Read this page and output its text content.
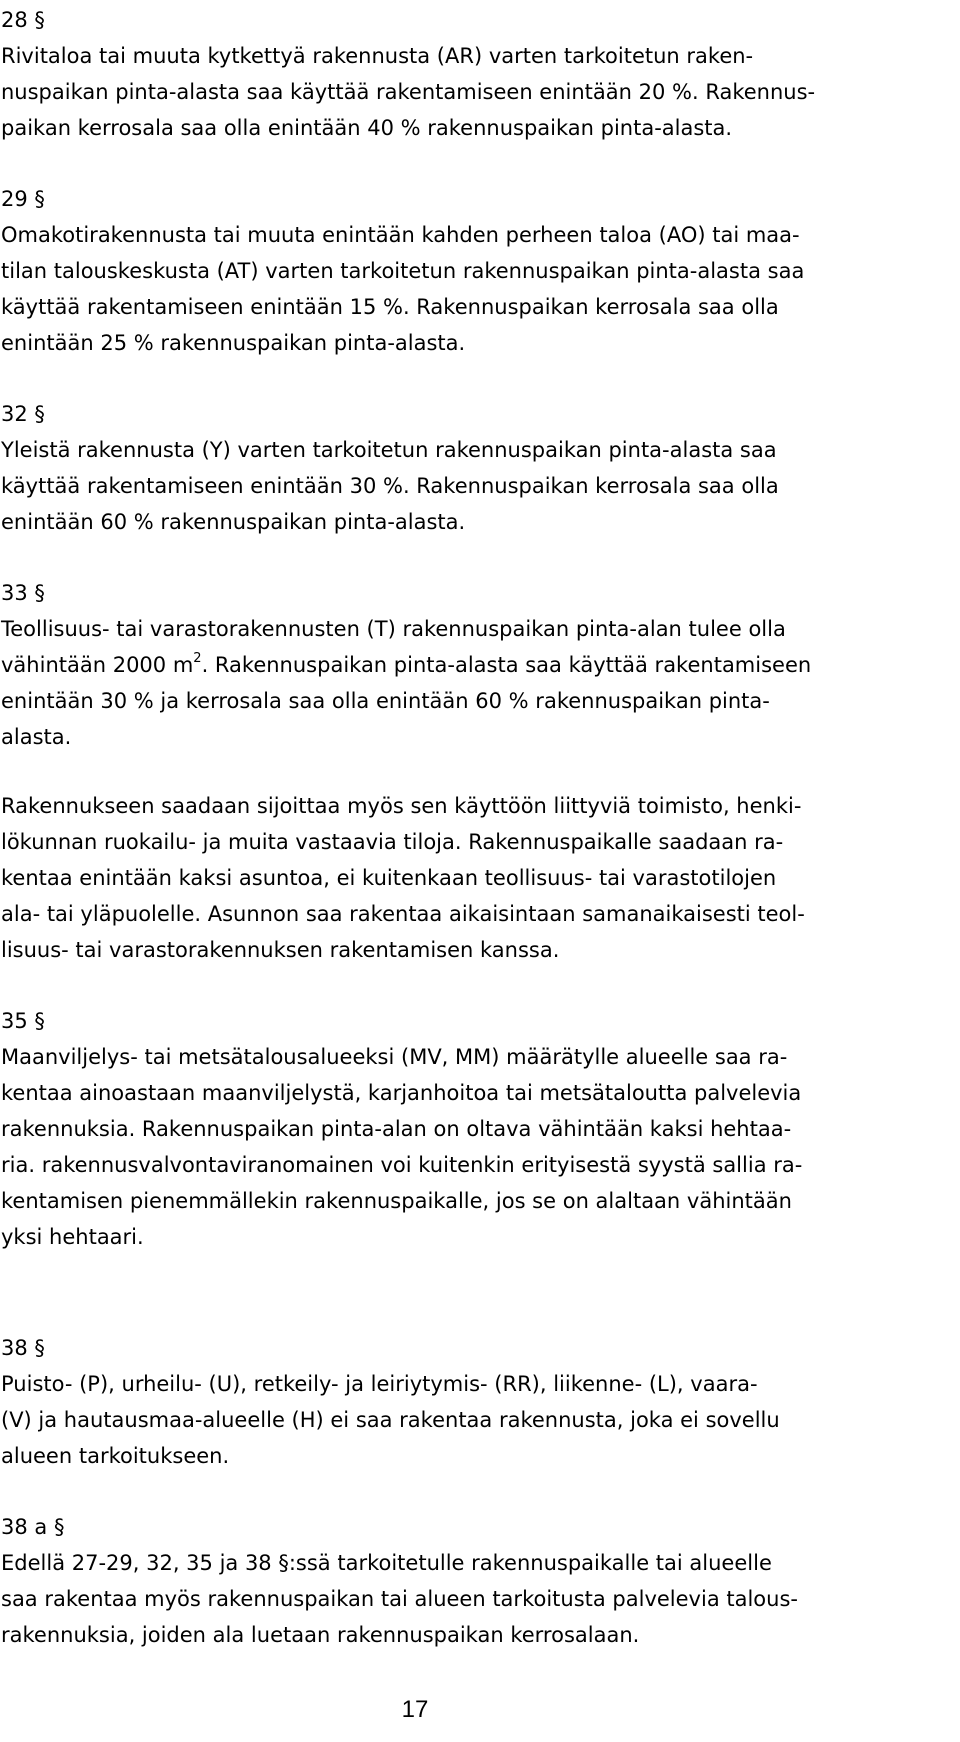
28 §
Rivitaloa tai muuta kytkettyä rakennusta (AR) varten tarkoitetun raken-
nuspaikan pinta-alasta saa käyttää rakentamiseen enintään 20 %. Rakennus-
paikan kerrosala saa olla enintään 40 % rakennuspaikan pinta-alasta.
29 §
Omakotirakennusta tai muuta enintään kahden perheen taloa (AO) tai maa-
tilan talouskeskusta (AT) varten tarkoitetun rakennuspaikan pinta-alasta saa
käyttää rakentamiseen enintään 15 %. Rakennuspaikan kerrosala saa olla
enintään 25 % rakennuspaikan pinta-alasta.
32 §
Yleistä rakennusta (Y) varten tarkoitetun rakennuspaikan pinta-alasta saa
käyttää rakentamiseen enintään 30 %. Rakennuspaikan kerrosala saa olla
enintään 60 % rakennuspaikan pinta-alasta.
33 §
Teollisuus- tai varastorakennusten (T) rakennuspaikan pinta-alan tulee olla
vähintään 2000 $m^2$. Rakennuspaikan pinta-alasta saa käyttää rakentamiseen
enintään 30 % ja kerrosala saa olla enintään 60 % rakennuspaikan pinta-
alasta.
Rakennukseen saadaan sijoittaa myös sen käyttöön liittyviä toimisto, henki-
lökunnan ruokailu- ja muita vastaavia tiloja. Rakennuspaikalle saadaan ra-
kentaa enintään kaksi asuntoa, ei kuitenkaan teollisuus- tai varastotilojen
ala- tai yläpuolelle. Asunnon saa rakentaa aikaisintaan samanaikaisesti teol-
lisuus- tai varastorakennuksen rakentamisen kanssa.
35 §
Maanviljelys- tai metsätalousalueeksi (MV, MM) määrätylle alueelle saa ra-
kentaa ainoastaan maanviljelystä, karjanhoitoa tai metsätaloutta palvelevia
rakennuksia. Rakennuspaikan pinta-alan on oltava vähintään kaksi hehtaa-
ria. rakennusvalvontaviranomainen voi kuitenkin erityisestä syystä sallia ra-
kentamisen pienemmällekin rakennuspaikalle, jos se on alaltaan vähintään
yksi hehtaari.
38 §
Puisto- (P), urheilu- (U), retkeily- ja leiriytymis- (RR), liikenne- (L), vaara-
(V) ja hautausmaa-alueelle (H) ei saa rakentaa rakennusta, joka ei sovellu
alueen tarkoitukseen.
38 a §
Edellä 27-29, 32, 35 ja 38 §:ssä tarkoitetulle rakennuspaikalle tai alueelle
saa rakentaa myös rakennuspaikan tai alueen tarkoitusta palvelevia talous-
rakennuksia, joiden ala luetaan rakennuspaikan kerrosalaan.
17
